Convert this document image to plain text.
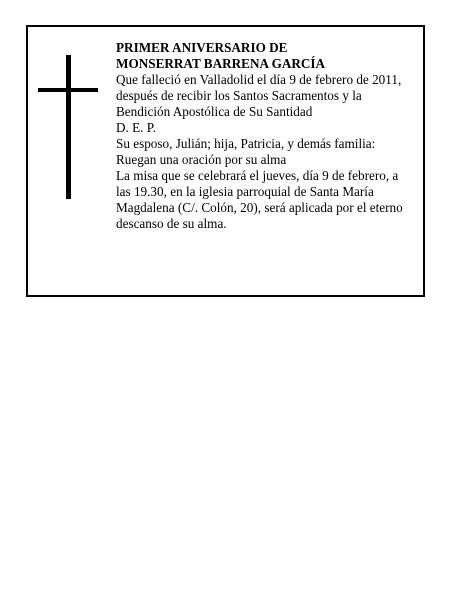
PRIMER ANIVERSARIO DE
MONSERRAT BARRENA GARCÍA
Que falleció en Valladolid el día 9 de febrero de 2011,
después de recibir los Santos Sacramentos y la
Bendición Apostólica de Su Santidad
D. E. P.
Su esposo, Julián; hija, Patricia, y demás familia:
Ruegan una oración por su alma
La misa que se celebrará el jueves, día 9 de febrero, a
las 19.30, en la iglesia parroquial de Santa María
Magdalena (C/. Colón, 20), será aplicada por el eterno
descanso de su alma.
